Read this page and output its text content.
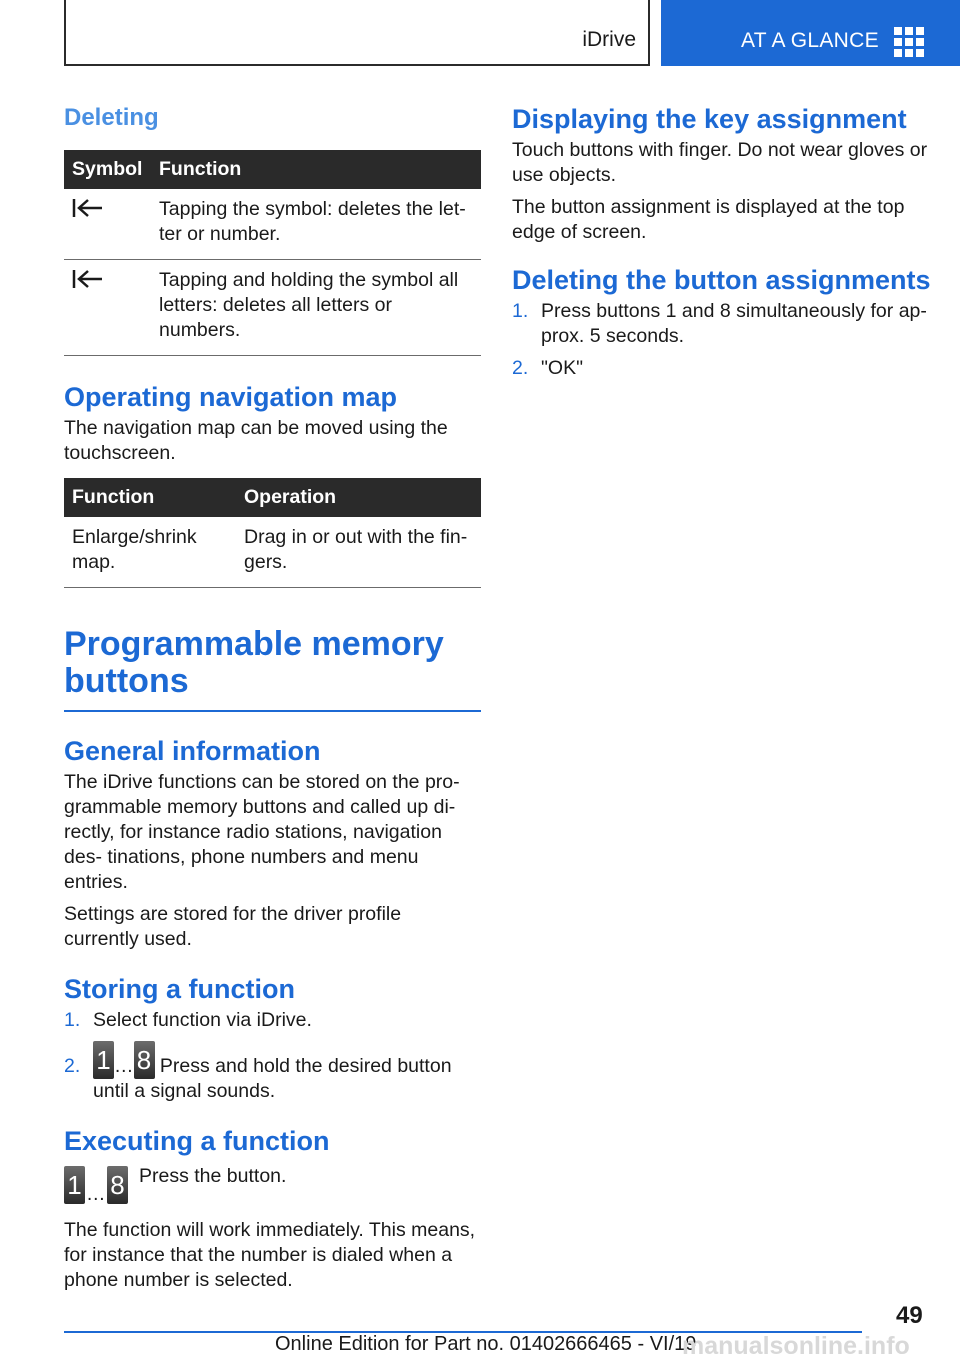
iDrive	AT A GLANCE
Deleting
Symbol	Function
	Tapping the symbol: deletes the let- ter or number.
	Tapping and holding the symbol all letters: deletes all letters or numbers.
Operating navigation map
The navigation map can be moved using the touchscreen.
Function	Operation
Enlarge/shrink map.	Drag in or out with the fin- gers.
Programmable memory buttons
General information
The iDrive functions can be stored on the pro- grammable memory buttons and called up di- rectly, for instance radio stations, navigation des- tinations, phone numbers and menu entries.
Settings are stored for the driver profile currently used.
Storing a function
1. Select function via iDrive.
2. 1 … 8 Press and hold the desired button until a signal sounds.
Executing a function
1 … 8 Press the button.
The function will work immediately. This means, for instance that the number is dialed when a phone number is selected.
Displaying the key assignment
Touch buttons with finger. Do not wear gloves or use objects.
The button assignment is displayed at the top edge of screen.
Deleting the button assignments
1. Press buttons 1 and 8 simultaneously for ap- prox. 5 seconds.
2. "OK"
49
Online Edition for Part no. 01402666465 - VI/19
manualsonline.info
